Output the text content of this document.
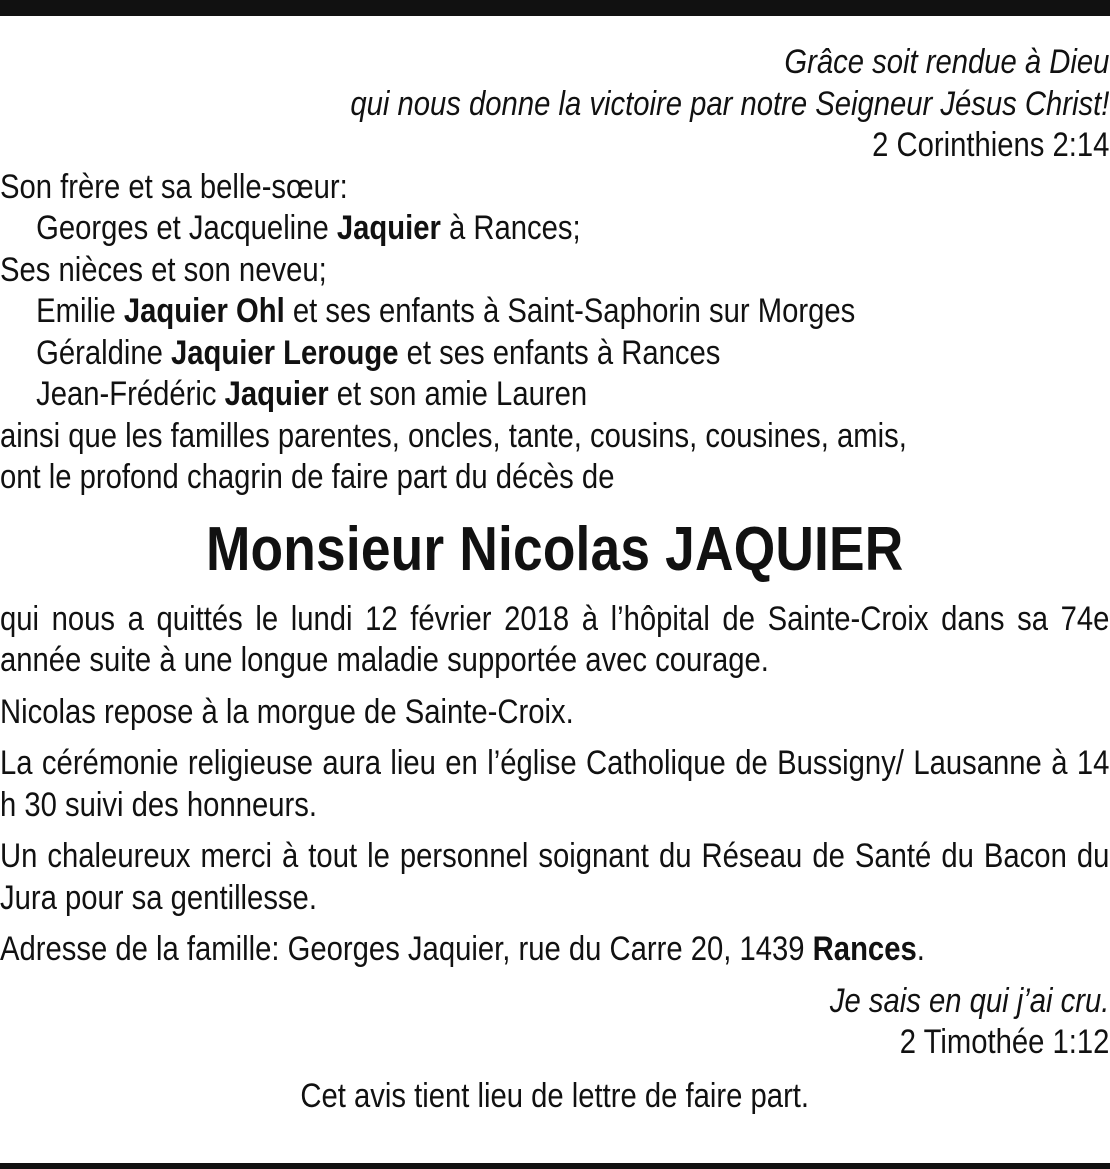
Grâce soit rendue à Dieu

qui nous donne la victoire par notre Seigneur Jésus Christ!

2 Corinthiens 2:14

Son frère et sa belle-sœur:

Georges et Jacqueline Jaquier à Rances;

Ses nièces et son neveu;

Emilie Jaquier Ohl et ses enfants à Saint-Saphorin sur Morges

Géraldine Jaquier Lerouge et ses enfants à Rances

Jean-Frédéric Jaquier et son amie Lauren

ainsi que les familles parentes, oncles, tante, cousins, cousines, amis,

ont le profond chagrin de faire part du décès de

Monsieur Nicolas JAQUIER

qui nous a quittés le lundi 12 février 2018 à l’hôpital de Sainte-Croix dans sa 74e année suite à une longue maladie supportée avec courage.

Nicolas repose à la morgue de Sainte-Croix.

La cérémonie religieuse aura lieu en l’église Catholique de Bussigny/ Lausanne à 14 h 30 suivi des honneurs.

Un chaleureux merci à tout le personnel soignant du Réseau de Santé du Bacon du Jura pour sa gentillesse.

Adresse de la famille: Georges Jaquier, rue du Carre 20, 1439 Rances.

Je sais en qui j’ai cru.

2 Timothée 1:12

Cet avis tient lieu de lettre de faire part.
